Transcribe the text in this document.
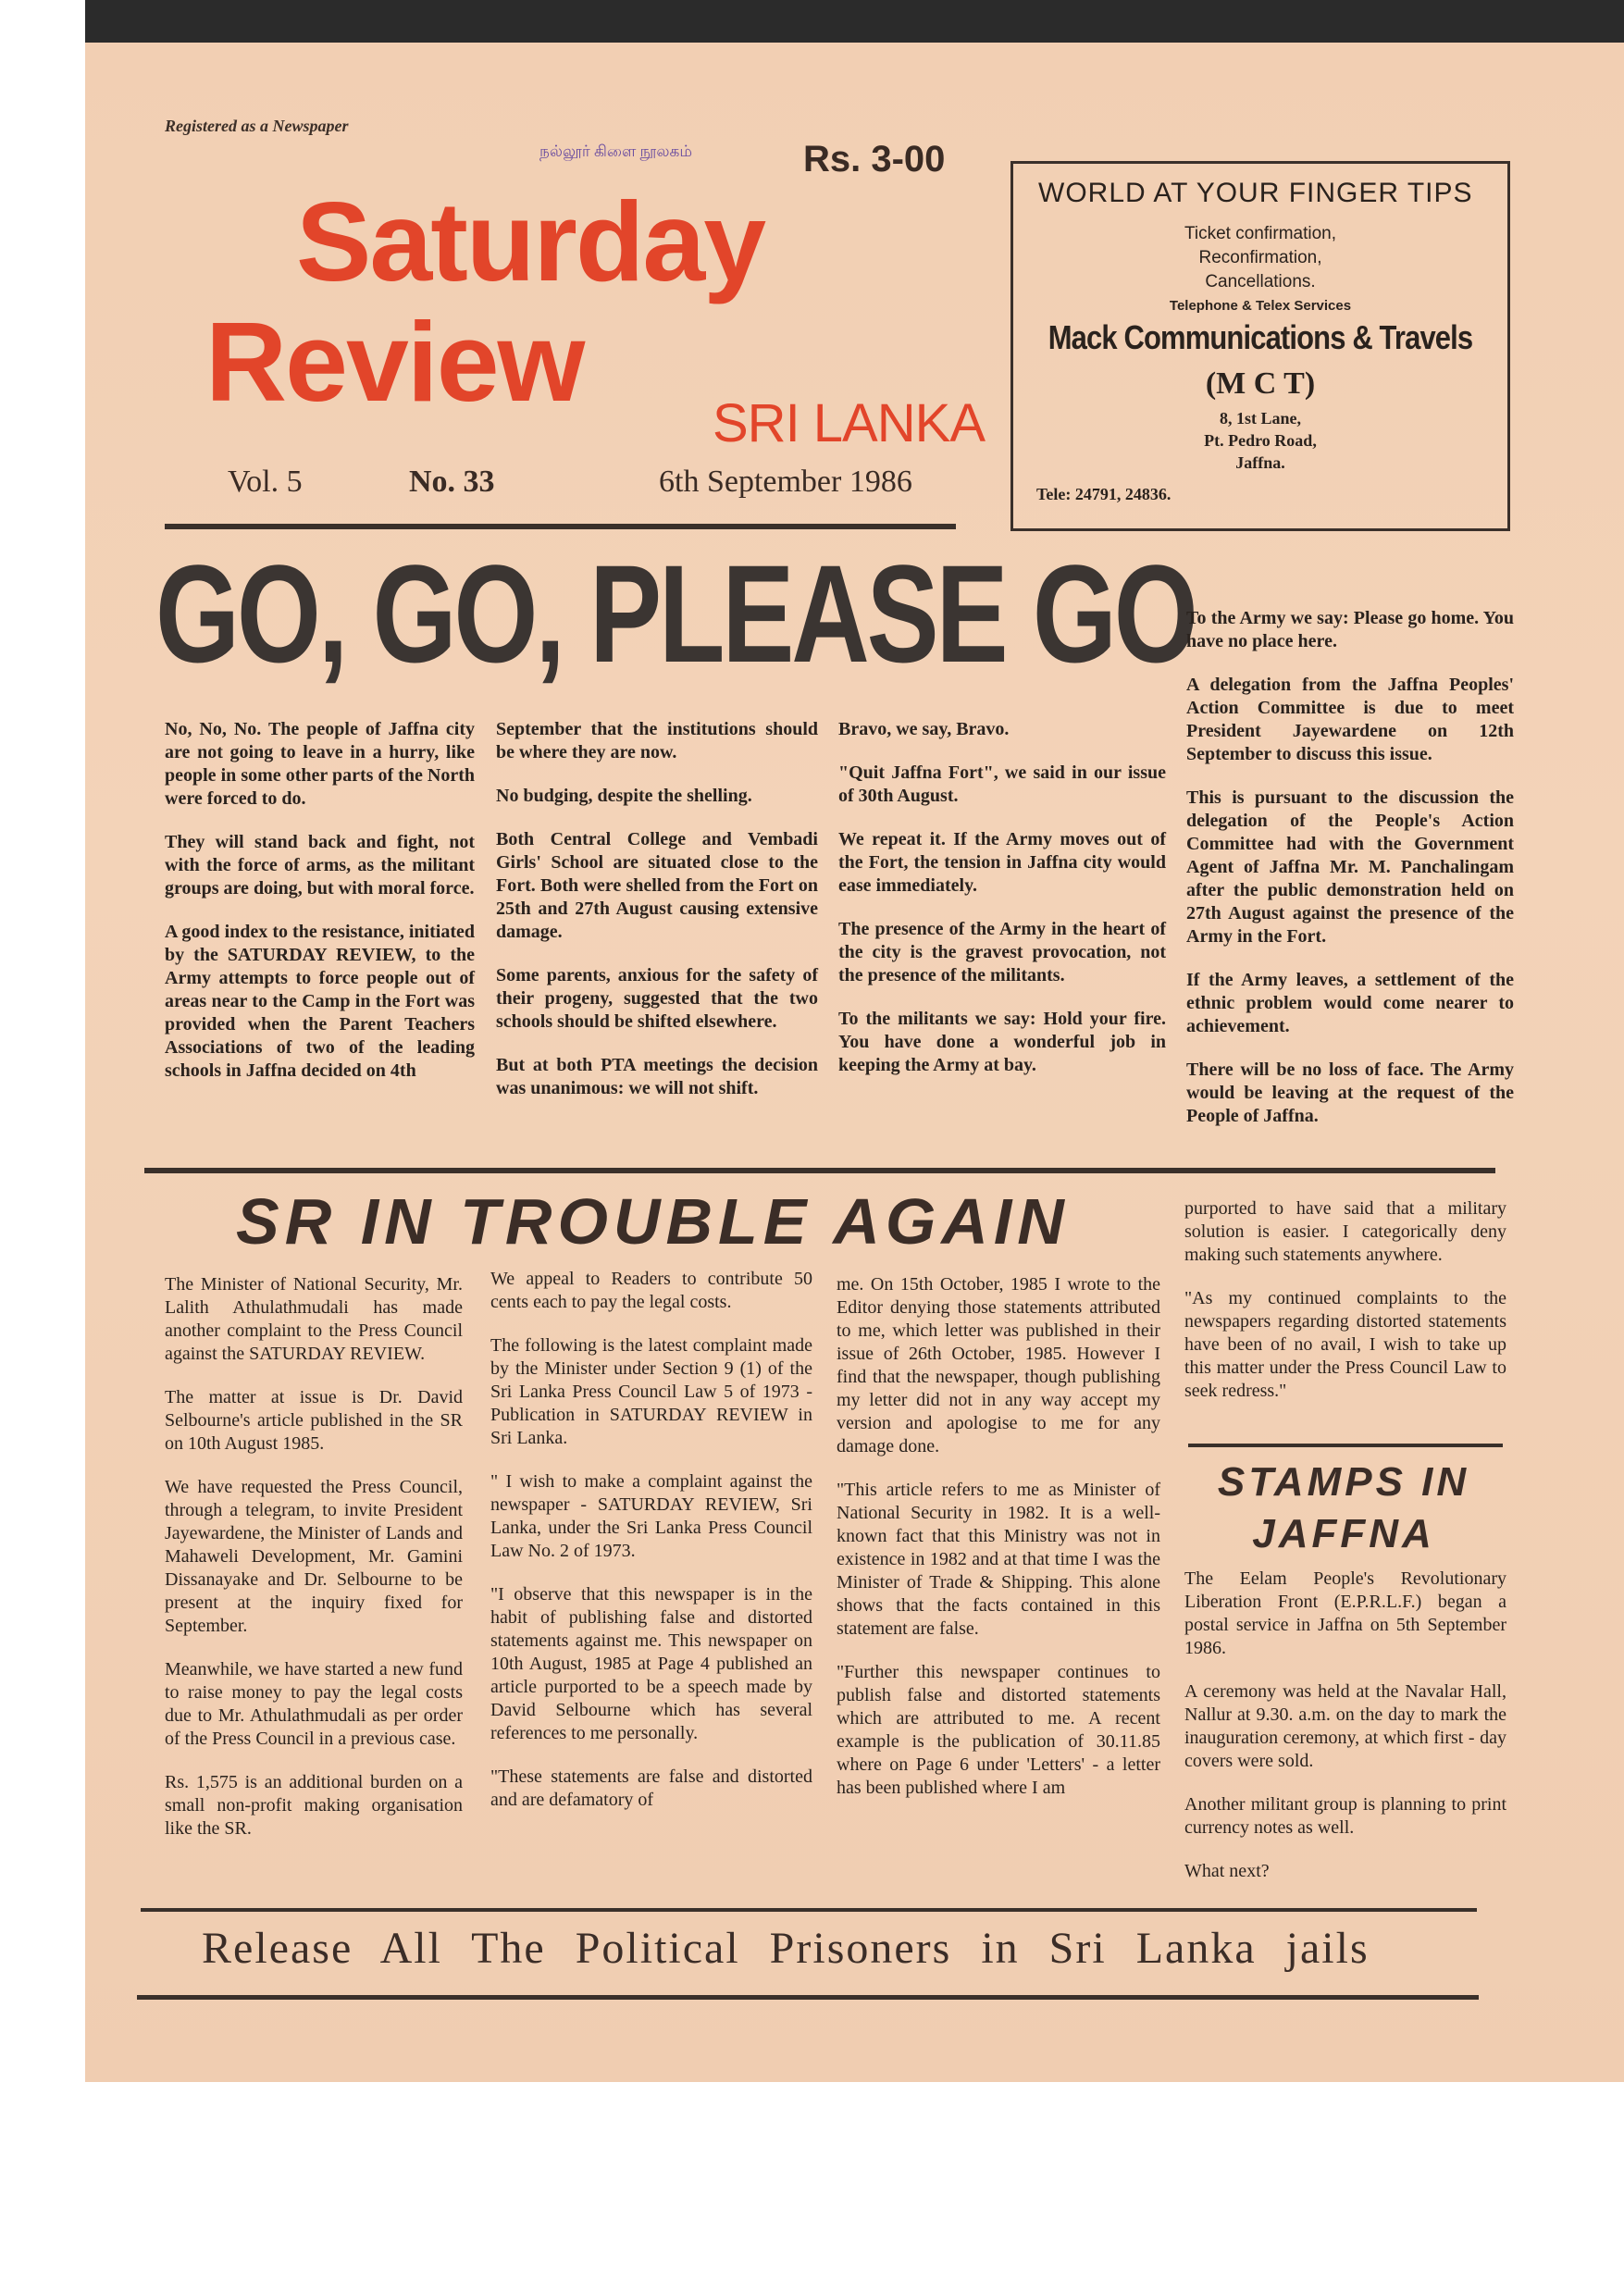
Registered as a Newspaper
நல்லூர் கிளை நூலகம்	Rs. 3-00
Saturday
Review SRI LANKA
Vol. 5	No. 33	6th September 1986
WORLD AT YOUR FINGER TIPS
Ticket confirmation,
Reconfirmation,
Cancellations.
Telephone & Telex Services
Mack Communications & Travels
(M C T)
8, 1st Lane,
Pt. Pedro Road,
Jaffna.
Tele: 24791, 24836.
GO, GO, PLEASE GO

No, No, No. The people of Jaffna city are not going to leave in a hurry, like people in some other parts of the North were forced to do.

They will stand back and fight, not with the force of arms, as the militant groups are doing, but with moral force.

A good index to the resistance, initiated by the SATURDAY REVIEW, to the Army attempts to force people out of areas near to the Camp in the Fort was provided when the Parent Teachers Associations of two of the leading schools in Jaffna decided on 4th

September that the institutions should be where they are now.

No budging, despite the shelling.

Both Central College and Vembadi Girls' School are situated close to the Fort. Both were shelled from the Fort on 25th and 27th August causing extensive damage.

Some parents, anxious for the safety of their progeny, suggested that the two schools should be shifted elsewhere.

But at both PTA meetings the decision was unanimous: we will not shift.

Bravo, we say, Bravo.

"Quit Jaffna Fort", we said in our issue of 30th August.

We repeat it. If the Army moves out of the Fort, the tension in Jaffna city would ease immediately.

The presence of the Army in the heart of the city is the gravest provocation, not the presence of the militants.

To the militants we say: Hold your fire. You have done a wonderful job in keeping the Army at bay.

To the Army we say: Please go home. You have no place here.

A delegation from the Jaffna Peoples' Action Committee is due to meet President Jayewardene on 12th September to discuss this issue.

This is pursuant to the discussion the delegation of the People's Action Committee had with the Government Agent of Jaffna Mr. M. Panchalingam after the public demonstration held on 27th August against the presence of the Army in the Fort.

If the Army leaves, a settlement of the ethnic problem would come nearer to achievement.

There will be no loss of face. The Army would be leaving at the request of the People of Jaffna.

SR IN TROUBLE AGAIN

The Minister of National Security, Mr. Lalith Athulathmudali has made another complaint to the Press Council against the SATURDAY REVIEW.

The matter at issue is Dr. David Selbourne's article published in the SR on 10th August 1985.

We have requested the Press Council, through a telegram, to invite President Jayewardene, the Minister of Lands and Mahaweli Development, Mr. Gamini Dissanayake and Dr. Selbourne to be present at the inquiry fixed for September.

Meanwhile, we have started a new fund to raise money to pay the legal costs due to Mr. Athulathmudali as per order of the Press Council in a previous case.

Rs. 1,575 is an additional burden on a small non-profit making organisation like the SR.

We appeal to Readers to contribute 50 cents each to pay the legal costs.

The following is the latest complaint made by the Minister under Section 9 (1) of the Sri Lanka Press Council Law 5 of 1973 - Publication in SATURDAY REVIEW in Sri Lanka.

" I wish to make a complaint against the newspaper - SATURDAY REVIEW, Sri Lanka, under the Sri Lanka Press Council Law No. 2 of 1973.

"I observe that this newspaper is in the habit of publishing false and distorted statements against me. This newspaper on 10th August, 1985 at Page 4 published an article purported to be a speech made by David Selbourne which has several references to me personally.

"These statements are false and distorted and are defamatory of

me. On 15th October, 1985 I wrote to the Editor denying those statements attributed to me, which letter was published in their issue of 26th October, 1985. However I find that the newspaper, though publishing my letter did not in any way accept my version and apologise to me for any damage done.

"This article refers to me as Minister of National Security in 1982. It is a well-known fact that this Ministry was not in existence in 1982 and at that time I was the Minister of Trade & Shipping. This alone shows that the facts contained in this statement are false.

"Further this newspaper continues to publish false and distorted statements which are attributed to me. A recent example is the publication of 30.11.85 where on Page 6 under 'Letters' - a letter has been published where I am

purported to have said that a military solution is easier. I categorically deny making such statements anywhere.

"As my continued complaints to the newspapers regarding distorted statements have been of no avail, I wish to take up this matter under the Press Council Law to seek redress."

STAMPS IN
JAFFNA

The Eelam People's Revolutionary Liberation Front (E.P.R.L.F.) began a postal service in Jaffna on 5th September 1986.

A ceremony was held at the Navalar Hall, Nallur at 9.30. a.m. on the day to mark the inauguration ceremony, at which first - day covers were sold.

Another militant group is planning to print currency notes as well.

What next?

Release All The Political Prisoners in Sri Lanka jails
